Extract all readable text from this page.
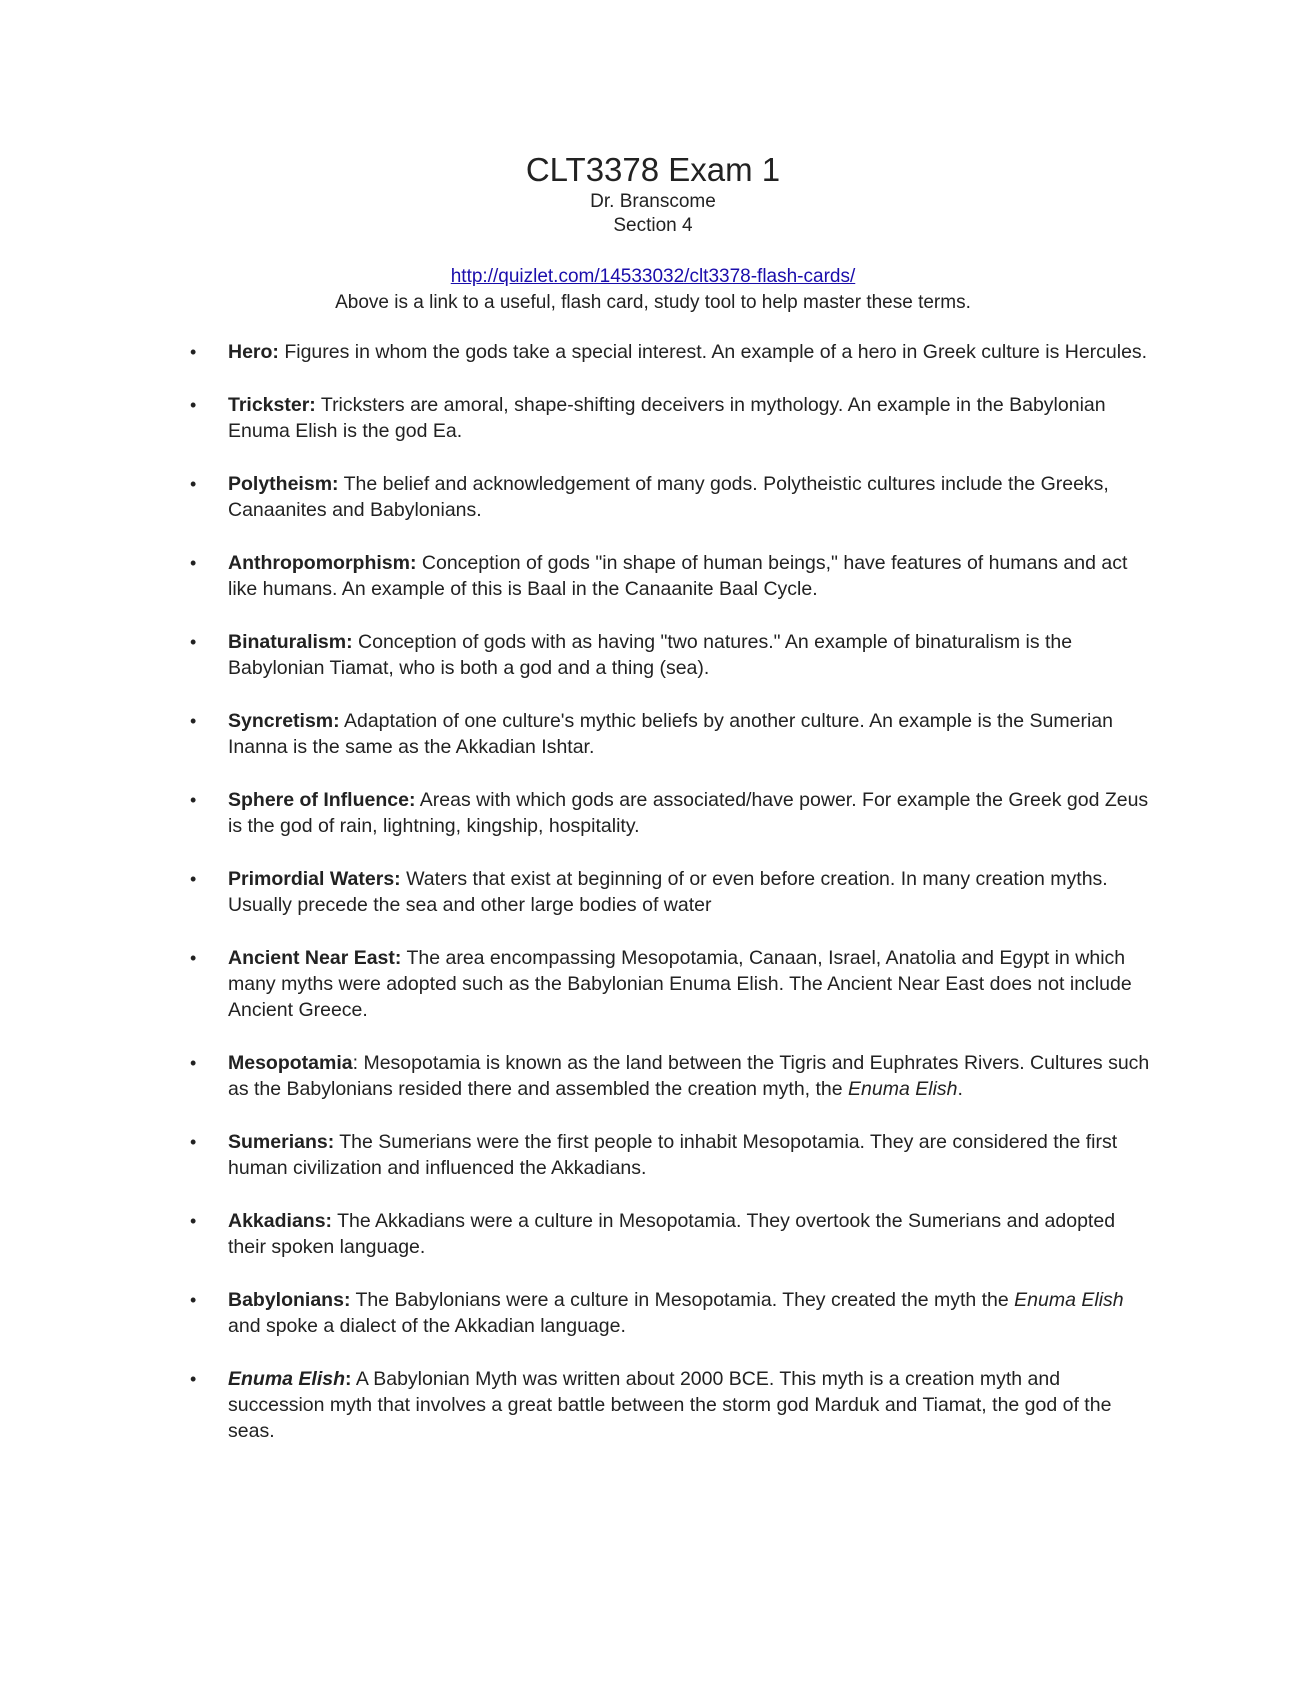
CLT3378 Exam 1
Dr. Branscome
Section 4
http://quizlet.com/14533032/clt3378-flash-cards/
Above is a link to a useful, flash card, study tool to help master these terms.
•	Hero: Figures in whom the gods take a special interest. An example of a hero in Greek culture is Hercules.
•	Trickster: Tricksters are amoral, shape-shifting deceivers in mythology. An example in the Babylonian Enuma Elish is the god Ea.
•	Polytheism: The belief and acknowledgement of many gods. Polytheistic cultures include the Greeks, Canaanites and Babylonians.
•	Anthropomorphism: Conception of gods "in shape of human beings," have features of humans and act like humans. An example of this is Baal in the Canaanite Baal Cycle.
•	Binaturalism: Conception of gods with as having "two natures." An example of binaturalism is the Babylonian Tiamat, who is both a god and a thing (sea).
•	Syncretism: Adaptation of one culture's mythic beliefs by another culture. An example is the Sumerian Inanna is the same as the Akkadian Ishtar.
•	Sphere of Influence: Areas with which gods are associated/have power. For example the Greek god Zeus is the god of rain, lightning, kingship, hospitality.
•	Primordial Waters: Waters that exist at beginning of or even before creation. In many creation myths. Usually precede the sea and other large bodies of water
•	Ancient Near East: The area encompassing Mesopotamia, Canaan, Israel, Anatolia and Egypt in which many myths were adopted such as the Babylonian Enuma Elish. The Ancient Near East does not include Ancient Greece.
•	Mesopotamia: Mesopotamia is known as the land between the Tigris and Euphrates Rivers. Cultures such as the Babylonians resided there and assembled the creation myth, the Enuma Elish.
•	Sumerians: The Sumerians were the first people to inhabit Mesopotamia. They are considered the first human civilization and influenced the Akkadians.
•	Akkadians: The Akkadians were a culture in Mesopotamia. They overtook the Sumerians and adopted their spoken language.
•	Babylonians: The Babylonians were a culture in Mesopotamia. They created the myth the Enuma Elish and spoke a dialect of the Akkadian language.
•	Enuma Elish: A Babylonian Myth was written about 2000 BCE. This myth is a creation myth and succession myth that involves a great battle between the storm god Marduk and Tiamat, the god of the seas.
